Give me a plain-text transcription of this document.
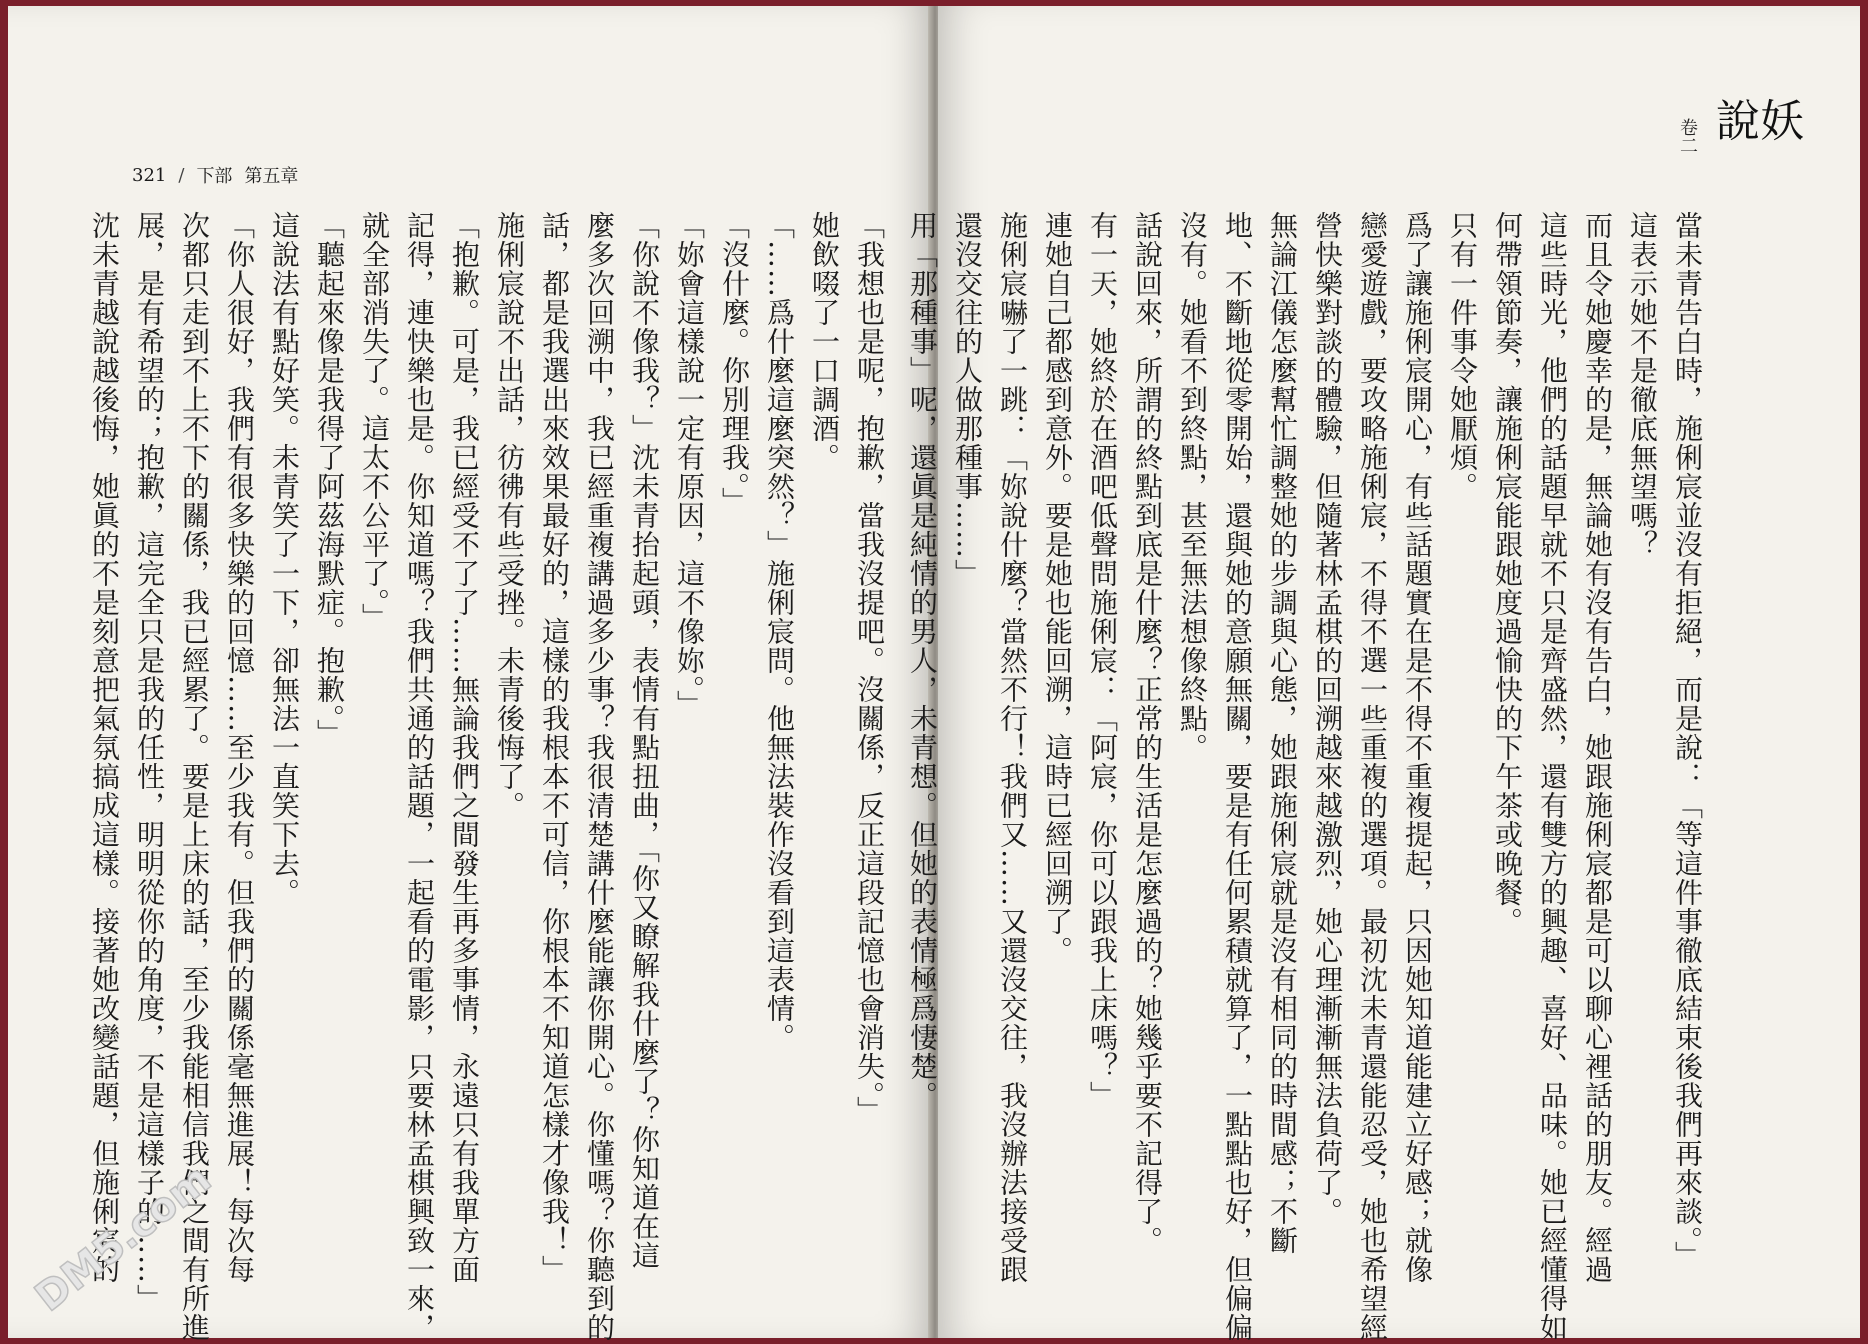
321 / 下部 第五章
「我想也是呢，抱歉，當我沒提吧。沒關係，反正這段記憶也會消失。」
她飲啜了一口調酒。
「……爲什麼這麼突然？」施俐宸問。他無法裝作沒看到這表情。
「沒什麼。你別理我。」
「妳會這樣說一定有原因，這不像妳。」
「你說不像我？」沈未青抬起頭，表情有點扭曲，「你又瞭解我什麼了？你知道在這
麼多次回溯中，我已經重複講過多少事？我很清楚講什麼能讓你開心。你懂嗎？你聽到的
話，都是我選出來效果最好的，這樣的我根本不可信，你根本不知道怎樣才像我！」
施俐宸說不出話，彷彿有些受挫。未青後悔了。
「抱歉。可是，我已經受不了了……無論我們之間發生再多事情，永遠只有我單方面
記得，連快樂也是。你知道嗎？我們共通的話題，一起看的電影，只要林孟棋興致一來，
就全部消失了。這太不公平了。」
「聽起來像是我得了阿茲海默症。抱歉。」
這說法有點好笑。未青笑了一下，卻無法一直笑下去。
「你人很好，我們有很多快樂的回憶……至少我有。但我們的關係毫無進展！每次每
次都只走到不上不下的關係，我已經累了。要是上床的話，至少我能相信我們之間有所進
展，是有希望的；抱歉，這完全只是我的任性，明明從你的角度，不是這樣子的……」
沈未青越說越後悔，她眞的不是刻意把氣氛搞成這樣。接著她改變話題，但施俐宸的
DM5.com
說妖
卷二
當未青告白時，施俐宸並沒有拒絕，而是說：「等這件事徹底結束後我們再來談。」
這表示她不是徹底無望嗎？
而且令她慶幸的是，無論她有沒有告白，她跟施俐宸都是可以聊心裡話的朋友。經過
這些時光，他們的話題早就不只是齊盛然，還有雙方的興趣、喜好、品味。她已經懂得如
何帶領節奏，讓施俐宸能跟她度過愉快的下午茶或晚餐。
只有一件事令她厭煩。
爲了讓施俐宸開心，有些話題實在是不得不重複提起，只因她知道能建立好感；就像
戀愛遊戲，要攻略施俐宸，不得不選一些重複的選項。最初沈未青還能忍受，她也希望經
營快樂對談的體驗，但隨著林孟棋的回溯越來越激烈，她心理漸漸無法負荷了。
無論江儀怎麼幫忙調整她的步調與心態，她跟施俐宸就是沒有相同的時間感；不斷
地、不斷地從零開始，還與她的意願無關，要是有任何累積就算了，一點點也好，但偏偏
沒有。她看不到終點，甚至無法想像終點。
話說回來，所謂的終點到底是什麼？正常的生活是怎麼過的？她幾乎要不記得了。
有一天，她終於在酒吧低聲問施俐宸：「阿宸，你可以跟我上床嗎？」
連她自己都感到意外。要是她也能回溯，這時已經回溯了。
施俐宸嚇了一跳：「妳說什麼？當然不行！我們又……又還沒交往，我沒辦法接受跟
還沒交往的人做那種事……」
用「那種事」呢，還眞是純情的男人，未青想。但她的表情極爲悽楚。
